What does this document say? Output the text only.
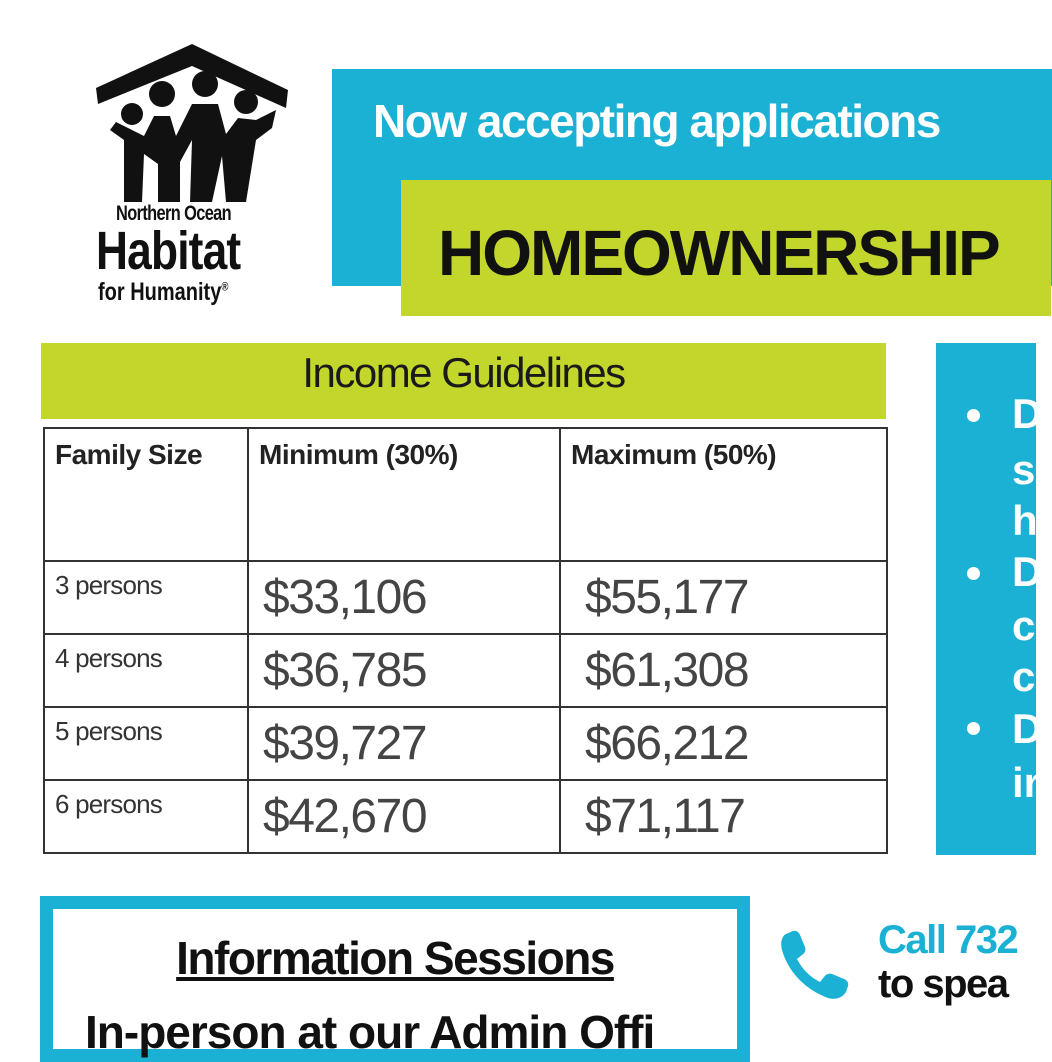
Northern Ocean
Habitat
for Humanity®
Now accepting applications
HOMEOWNERSHIP
Income Guidelines
Family Size	Minimum (30%)	Maximum (50%)
3 persons	$33,106	$55,177
4 persons	$36,785	$61,308
5 persons	$39,727	$66,212
6 persons	$42,670	$71,117
D
s
h
D
c
c
D
ir
Information Sessions
In-person at our Admin Offi
Call 732
to spea
